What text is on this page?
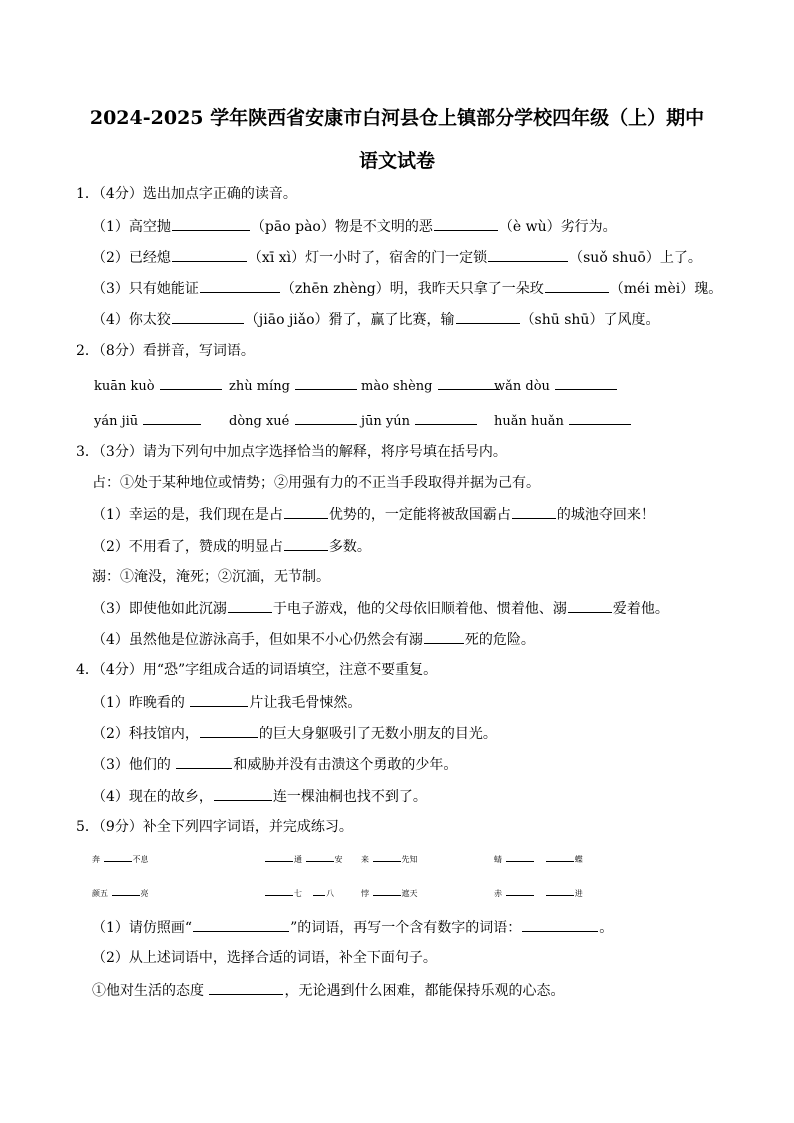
2024-2025 学年陕西省安康市白河县仓上镇部分学校四年级（上）期中
语文试卷
1．（4分）选出加点字正确的读音。
（1）高空抛	（pāo pào）物是不文明的恶	（è wù）劣行为。
（2）已经熄	（xī xì）灯一小时了，宿舍的门一定锁	（suǒ shuō）上了。
（3）只有她能证	（zhēn zhèng）明，我昨天只拿了一朵玫	（méi mèi）瑰。
（4）你太狡	（jiāo jiǎo）猾了，赢了比赛，输	（shū shū）了风度。
2．（8分）看拼音，写词语。
kuān kuò	zhù míng	mào shèng	wǎn dòu
yán jiū	dòng xué	jūn yún	huǎn huǎn
3．（3分）请为下列句中加点字选择恰当的解释，将序号填在括号内。
占：①处于某种地位或情势；②用强有力的不正当手段取得并据为己有。
（1）幸运的是，我们现在是占	优势的，一定能将被敌国霸占	的城池夺回来！
（2）不用看了，赞成的明显占	多数。
溺：①淹没，淹死；②沉湎，无节制。
（3）即使他如此沉溺	于电子游戏，他的父母依旧顺着他、惯着他、溺	爱着他。
（4）虽然他是位游泳高手，但如果不小心仍然会有溺	死的危险。
4．（4分）用“恐”字组成合适的词语填空，注意不要重复。
（1）昨晚看的	片让我毛骨悚然。
（2）科技馆内，	的巨大身躯吸引了无数小朋友的目光。
（3）他们的	和威胁并没有击溃这个勇敢的少年。
（4）现在的故乡，	连一棵油桐也找不到了。
5．（9分）补全下列四字词语，并完成练习。
奔	不息	通	安 来	先知	蜻	蝶
颜五	亮	七	八	悖	遮天	赤	进
（1）请仿照画“	”的词语，再写一个含有数字的词语：	。
（2）从上述词语中，选择合适的词语，补全下面句子。
①他对生活的态度	，无论遇到什么困难，都能保持乐观的心态。
